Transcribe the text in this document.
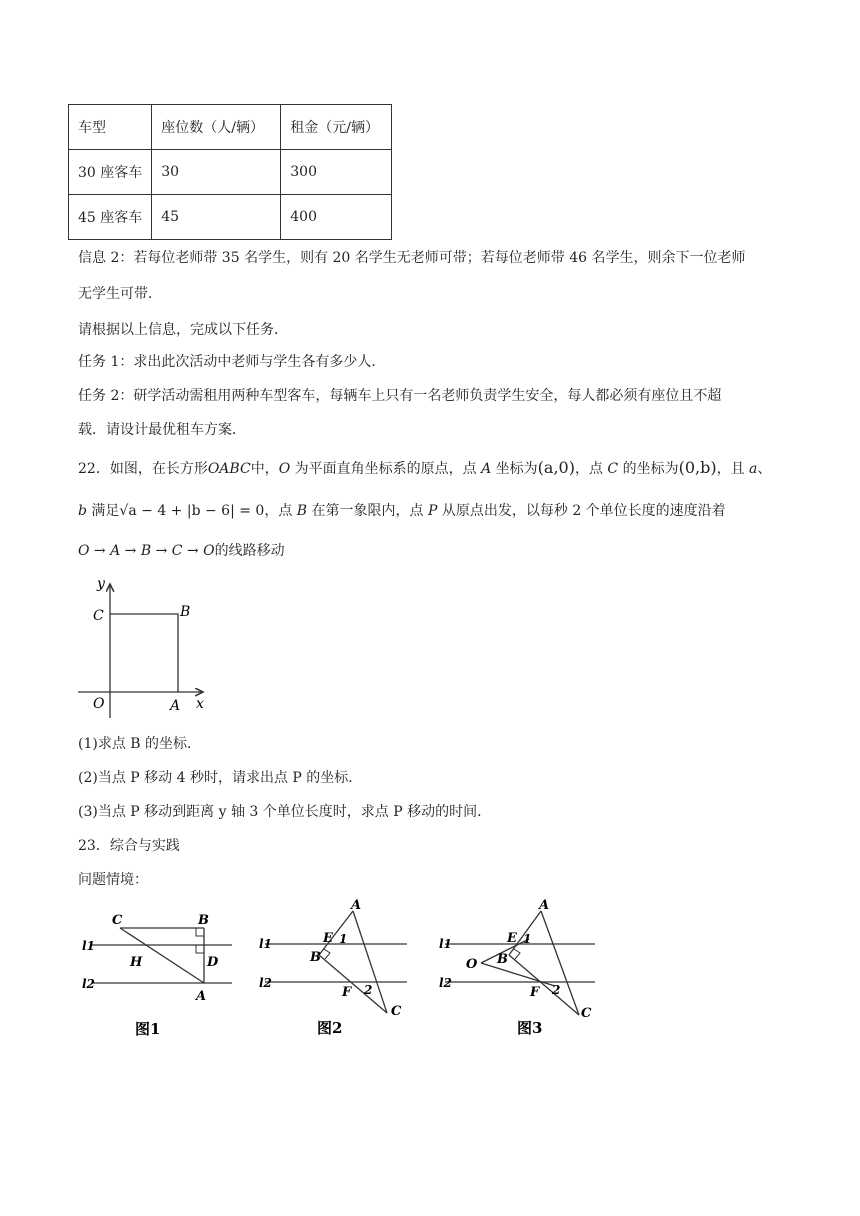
车型	座位数（人/辆）	租金（元/辆）
30 座客车	30	300
45 座客车	45	400
信息 2：若每位老师带 35 名学生，则有 20 名学生无老师可带；若每位老师带 46 名学生，则余下一位老师
无学生可带．
请根据以上信息，完成以下任务．
任务 1：求出此次活动中老师与学生各有多少人．
任务 2：研学活动需租用两种车型客车，每辆车上只有一名老师负责学生安全，每人都必须有座位且不超
载．请设计最优租车方案．
22．如图，在长方形OABC中，O 为平面直角坐标系的原点，点 A 坐标为(a,0)，点 C 的坐标为(0,b)，且 a、
b 满足√a − 4 + |b − 6| = 0，点 B 在第一象限内，点 P 从原点出发，以每秒 2 个单位长度的速度沿着
O → A → B → C → O的线路移动
y
C	B
O	A x
(1)求点 B 的坐标．
(2)当点 P 移动 4 秒时，请求出点 P 的坐标．
(3)当点 P 移动到距离 y 轴 3 个单位长度时，求点 P 移动的时间．
23．综合与实践
问题情境：
C	B
l1
H	D
l2
A
图1
A
E 1
B
l1
l2
F 2
C
图2
A
E 1
O B
l1
l2
F 2
C
图3
